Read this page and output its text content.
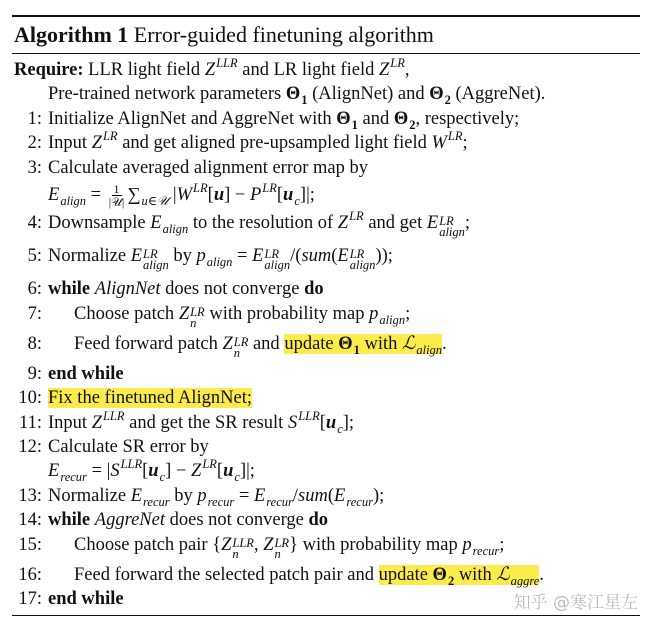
Algorithm 1 Error-guided finetuning algorithm
Require: LLR light field Z LLR and LR light field Z LR ,
Pre-trained network parameters Θ 1 (AlignNet) and Θ 2 (AggreNet).
1: Initialize AlignNet and AggreNet with Θ 1 and Θ 2 , respectively;
2: Input Z LR and get aligned pre-upsampled light field W LR ;
3: Calculate averaged alignment error map by
E align = $\frac{1}{\text{|𝒰|}}$ ∑ u∈𝒰 |W LR [u] − P LR [u c ]|;
4: Downsample E align to the resolution of Z LR and get E LR
align ;
5: Normalize E LR
align by p align = E LR
align /(sum(E LR
align ));
6: while AlignNet does not converge do
7: Choose patch Z LR
n with probability map p align ;
8: Feed forward patch Z LR
n and update Θ 1 with ℒ align .
9: end while
10: Fix the finetuned AlignNet;
11: Input Z LLR and get the SR result S LLR [u c ];
12: Calculate SR error by
E recur = |S LLR [u c ] − Z LR [u c ]|;
13: Normalize E recur by p recur = E recur /sum(E recur );
14: while AggreNet does not converge do
15: Choose patch pair {Z LLR
n , Z LR
n } with probability map p recur ;
16: Feed forward the selected patch pair and update Θ 2 with ℒ aggre .
17: end while	知乎 @寒江星左
